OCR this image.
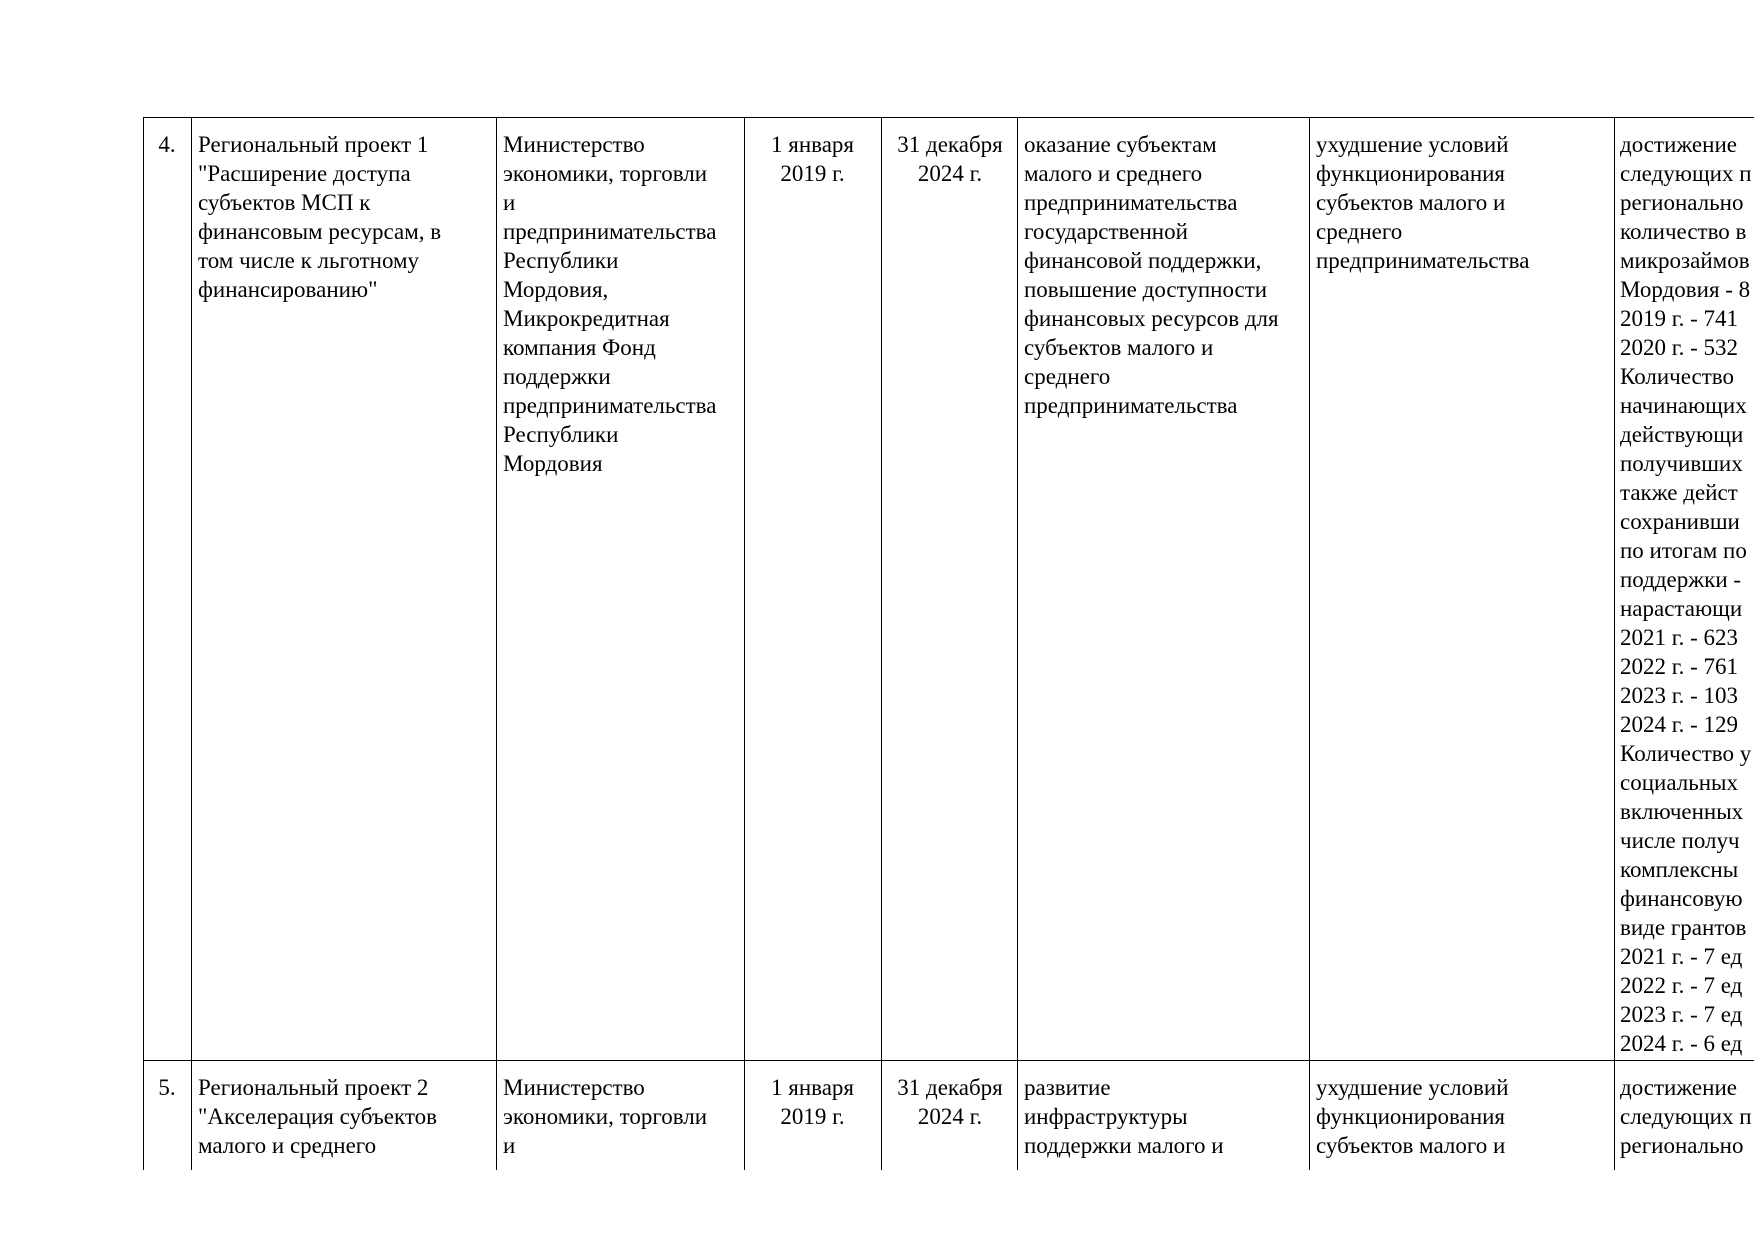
4. Региональный проект 1
"Расширение доступа
субъектов МСП к
финансовым ресурсам, в
том числе к льготному
финансированию"
Министерство
экономики, торговли
и
предпринимательства
Республики
Мордовия,
Микрокредитная
компания Фонд
поддержки
предпринимательства
Республики
Мордовия
1 января
2019 г.
31 декабря
2024 г.
оказание субъектам
малого и среднего
предпринимательства
государственной
финансовой поддержки,
повышение доступности
финансовых ресурсов для
субъектов малого и
среднего
предпринимательства
ухудшение условий
функционирования
субъектов малого и
среднего
предпринимательства
достижение
следующих п
регионально
количество в
микрозаймов
Мордовия - 8
2019 г. - 741
2020 г. - 532
Количество
начинающих
действующи
получивших
также дейст
сохранивши
по итогам по
поддержки -
нарастающи
2021 г. - 623
2022 г. - 761
2023 г. - 103
2024 г. - 129
Количество у
социальных
включенных
числе получ
комплексны
финансовую
виде грантов
2021 г. - 7 ед
2022 г. - 7 ед
2023 г. - 7 ед
2024 г. - 6 ед
5. Региональный проект 2
"Акселерация субъектов
малого и среднего
Министерство
экономики, торговли
и
1 января
2019 г.
31 декабря
2024 г.
развитие
инфраструктуры
поддержки малого и
ухудшение условий
функционирования
субъектов малого и
достижение
следующих п
регионально
